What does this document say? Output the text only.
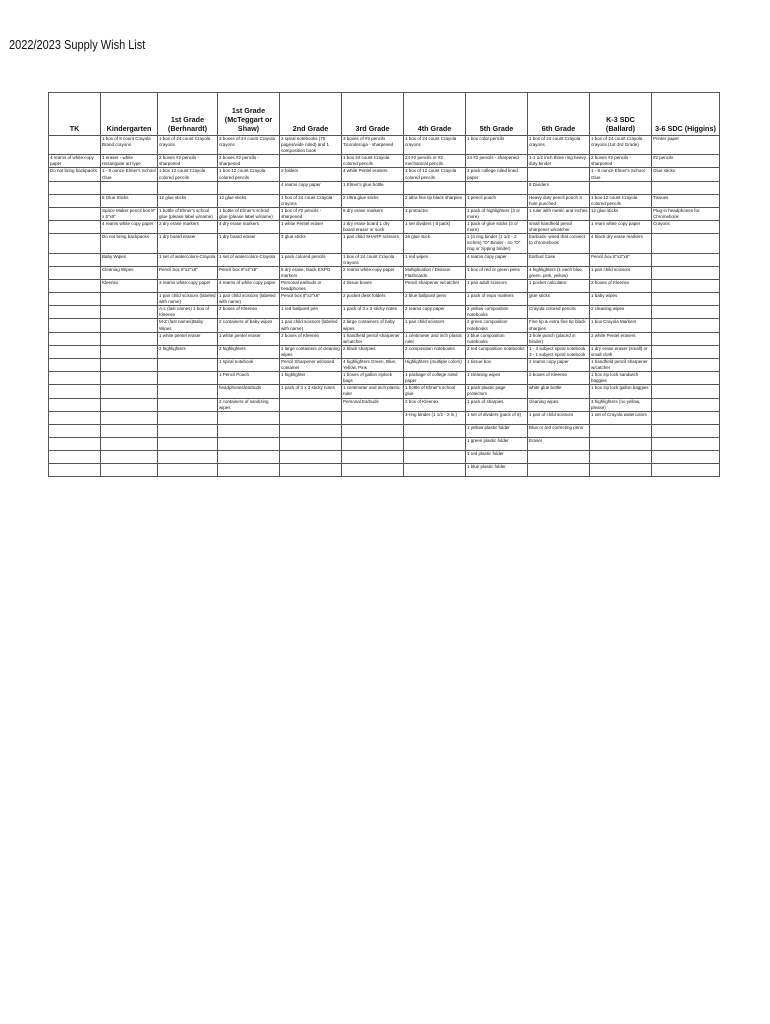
2022/2023 Supply Wish List
TK	Kindergarten	1st Grade (Berhnardt)	1st Grade (McTeggart or Shaw)	2nd Grade	3rd Grade	4th Grade	5th Grade	6th Grade	K-3 SDC (Ballard)	3-6 SDC (Higgins)

	1 box of 8 count Crayola Brand crayons	1 box of 24 count Crayola crayons	3 boxes of 24 count Crayola crayons	2 spiral notebooks (70 pages/wide ruled) and 1 composition book	3 boxes of #2 pencils Ticonderoga - sharpened	1 box of 24 count Crayola crayons	1 box color pencils	1 box of 24 count Crayola crayons	1 box of 24 count Crayola crayons (1st-3rd Grade)	Printer paper

4 reams of white copy paper	1 eraser - white rectangular art type	2 boxes #2 pencils - sharpened	2 boxes #2 pencils - sharpened		1 box 24 count Crayola colored pencils	24 #2 pencils or #2 mechanical pencils	24 #2 pencils - sharpened	1-1 1/2 inch three ring heavy duty binder	2 boxes #2 pencils - sharpened	#2 pencils

Do not bring backpacks	1 - 8 ounce Elmer's School Glue	1 box 12 count Crayola colored pencils	1 box 12 count Crayola colored pencils	2 folders	4 white Pentel erasers	1 box of 12 count Crayola colored pencils	2 pack college ruled lined paper		1 - 8 ounce Elmer's School Glue	Glue sticks

				4 reams copy paper	1 Elmer's glue bottle			8 Dividers		

	8 Glue Sticks	12 glue sticks	12 glue sticks	1 box of 24 count Crayola crayons	2 Ultra glue sticks	2 ultra fine tip black sharpies	1 pencil pouch	Heavy duty pencil pouch 3 hole punched	1 box 12 count Crayola colored pencils	Tissues

	Space Maker pencil box 8" x 5"x5"	1 bottle of Elmer's school glue (please label w/name)	1 bottle of Elmer's school glue (please label w/name)	1 box of #2 pencils - sharpened	8 dry erase markers	1 protractor	1 pack of highlighters (3 or more)	1 ruler with metric and inches	12 glue sticks	Plug-in headphones for Chromebook

	4 reams white copy paper	2 dry erase markers	4 dry erase markers	1 white Pentel eraser	1 dry erase board 1 dry board eraser or sock	1 set dividers ( 8 pack)	1 pack of glue sticks (3 or more)	small handheld pencil sharpener w/catcher	1 ream white copy paper	Crayons

	Do not bring backpacks	1 dry board eraser	1 dry board eraser	3 glue sticks	1 pair child SHARP scissors	16 glue stick	1 (3 ring binder (1 1/2 - 2 inches) "D" Binder - no "O" ring or zipping binder)	Earbuds- wired that connect to chromebook	4 black dry erase markers	

	Baby Wipes	1 set of watercolors-Crayola	1 set of watercolors-Crayola	1 pack colored pencils	1 box of 24 count Crayola crayons	1 red wipes	4 reams copy paper	Earbud Case	Pencil box 8"x2"x6"	

	Cleaning Wipes	Pencil box 8"x2"x6"	Pencil box 8"x2"x6"	8 dry erase, black EXPO markers	2 reams white copy paper	Multiplication / Division Flashcards	1 box of red or green pens	4 highlighters (1 each blue, green, pink, yellow)	1 pair child scissors	

	Kleenex	3 reams white copy paper	4 reams of white copy paper	Personal earbuds or headphones	4 tissue boxes	Pencil sharpener w/catcher	1 pair adult scissors	1 pocket calculator	2 boxes of Kleenex	

		1 pair child scissors (labeled with name)	1 pair child scissors (labeled with name)	Pencil box 8"x2"x6"	2 pocket desk folders	2 blue ballpoint pens	1 pack of expo markers	glue sticks	1 baby wipes	

		A-L (last names) 1 box of Kleenex	2 boxes of Kleenex	1 red ballpoint pen	1 pack of 3 x 3 sticky notes	2 reams copy paper	2 yellow composition notebooks	Crayola colored pencils	2 cleaning wipes	

		M-Z (last names)Baby Wipes	2 containers of baby wipes	1 pair child scissors (labeled with name)	2 large containers of baby wipes	1 pair child scissors	2 green composition notebooks	Fine tip & extra fine tip black sharpies	1 box Crayola Markers	

		1 white pentel eraser	1 white pentel eraser	2 boxes of Kleenex	1 handheld pencil sharpener w/catcher	1 centimeter and inch plastic ruler	2 blue composition notebooks	3 hole punch (placed in binder)	2 white Pentel erasers	

		2 highlighters	2 highlighters	2 large containers of cleaning wipes	2 black sharpies	2 composition notebooks	2 red composition notebooks	1 - 3 subject spiral notebook 3 - 1 subject spiral notebook	1 dry erase eraser (small) or small cloth	

			1 spiral notebook	Pencil Sharpener w/closed container	4 highlighters Green, Blue, Yellow, Pink	Highlighters (multiple colors)	1 tissue box	2 reams copy paper	1 handheld pencil sharpener w/catcher	

			1 Pencil Pouch	1 highlighter	1 boxes of gallon ziplock bags	1 package of college ruled paper	1 cleaning wipes	2 boxes of Kleenex	1 box zip lock sandwich baggies	

			headphones/earbuds	1 pack of 3 x 3 sticky notes	1 centimeter and inch plastic ruler	1 bottle of Elmer's school glue	1 pack plastic page protectors	white glue bottle	1 box zip lock gallon baggies	

			2 containers of sanitizing wipes		Personal Earbuds	2 box of Kleenex	1 pack of sharpies	cleaning wipes	3 highlighters (no yellow, please)	

						3-ring binder (1 1/2 - 2 in.)	1 set of dividers (pack of 8)	1 pair of child scissors	1 set of Crayola watercolors	

							1 yellow plastic folder	Blue or red correcting pens		

							1 green plastic folder	Eraser		

							1 red plastic folder			

							1 blue plastic folder			
